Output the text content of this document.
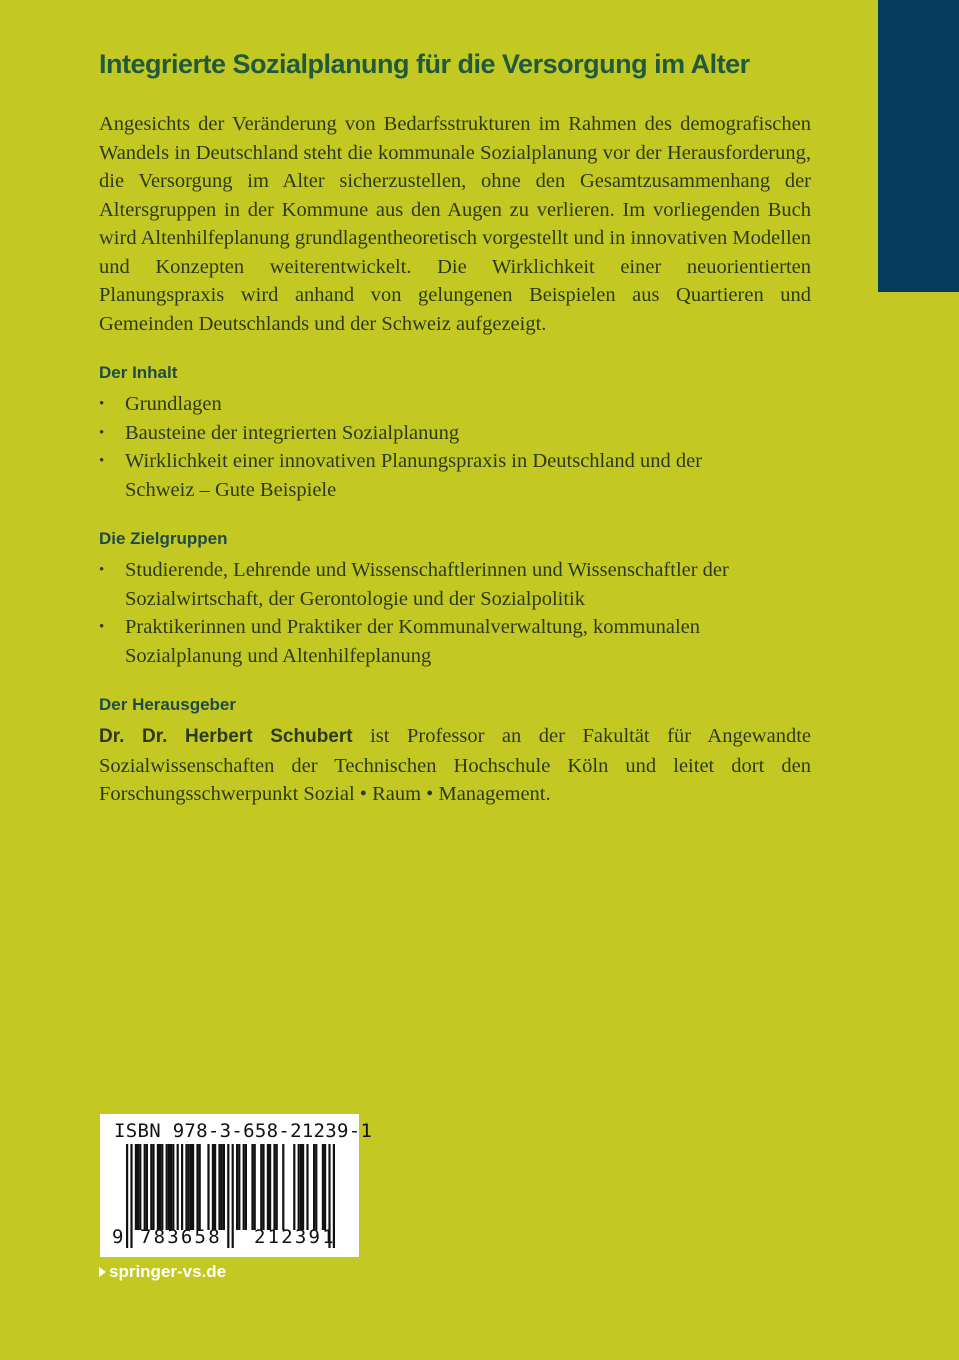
Integrierte Sozialplanung für die Versorgung im Alter

Angesichts der Veränderung von Bedarfsstrukturen im Rahmen des demografischen Wandels in Deutschland steht die kommunale Sozialplanung vor der Herausforderung, die Versorgung im Alter sicherzustellen, ohne den Gesamtzusammenhang der Altersgruppen in der Kommune aus den Augen zu verlieren. Im vorliegenden Buch wird Altenhilfeplanung grundlagentheoretisch vorgestellt und in innovativen Modellen und Konzepten weiterentwickelt. Die Wirklichkeit einer neuorientierten Planungspraxis wird anhand von gelungenen Beispielen aus Quartieren und Gemeinden Deutschlands und der Schweiz aufgezeigt.

Der Inhalt
• Grundlagen
• Bausteine der integrierten Sozialplanung
• Wirklichkeit einer innovativen Planungspraxis in Deutschland und der Schweiz – Gute Beispiele
Die Zielgruppen
• Studierende, Lehrende und Wissenschaftlerinnen und Wissenschaftler der Sozialwirtschaft, der Gerontologie und der Sozialpolitik
• Praktikerinnen und Praktiker der Kommunalverwaltung, kommunalen Sozialplanung und Altenhilfeplanung
Der Herausgeber

Dr. Dr. Herbert Schubert ist Professor an der Fakultät für Angewandte Sozialwissenschaften der Technischen Hochschule Köln und leitet dort den Forschungsschwerpunkt Sozial • Raum • Management.

ISBN 978-3-658-21239-1
9 783658 212391
springer-vs.de
